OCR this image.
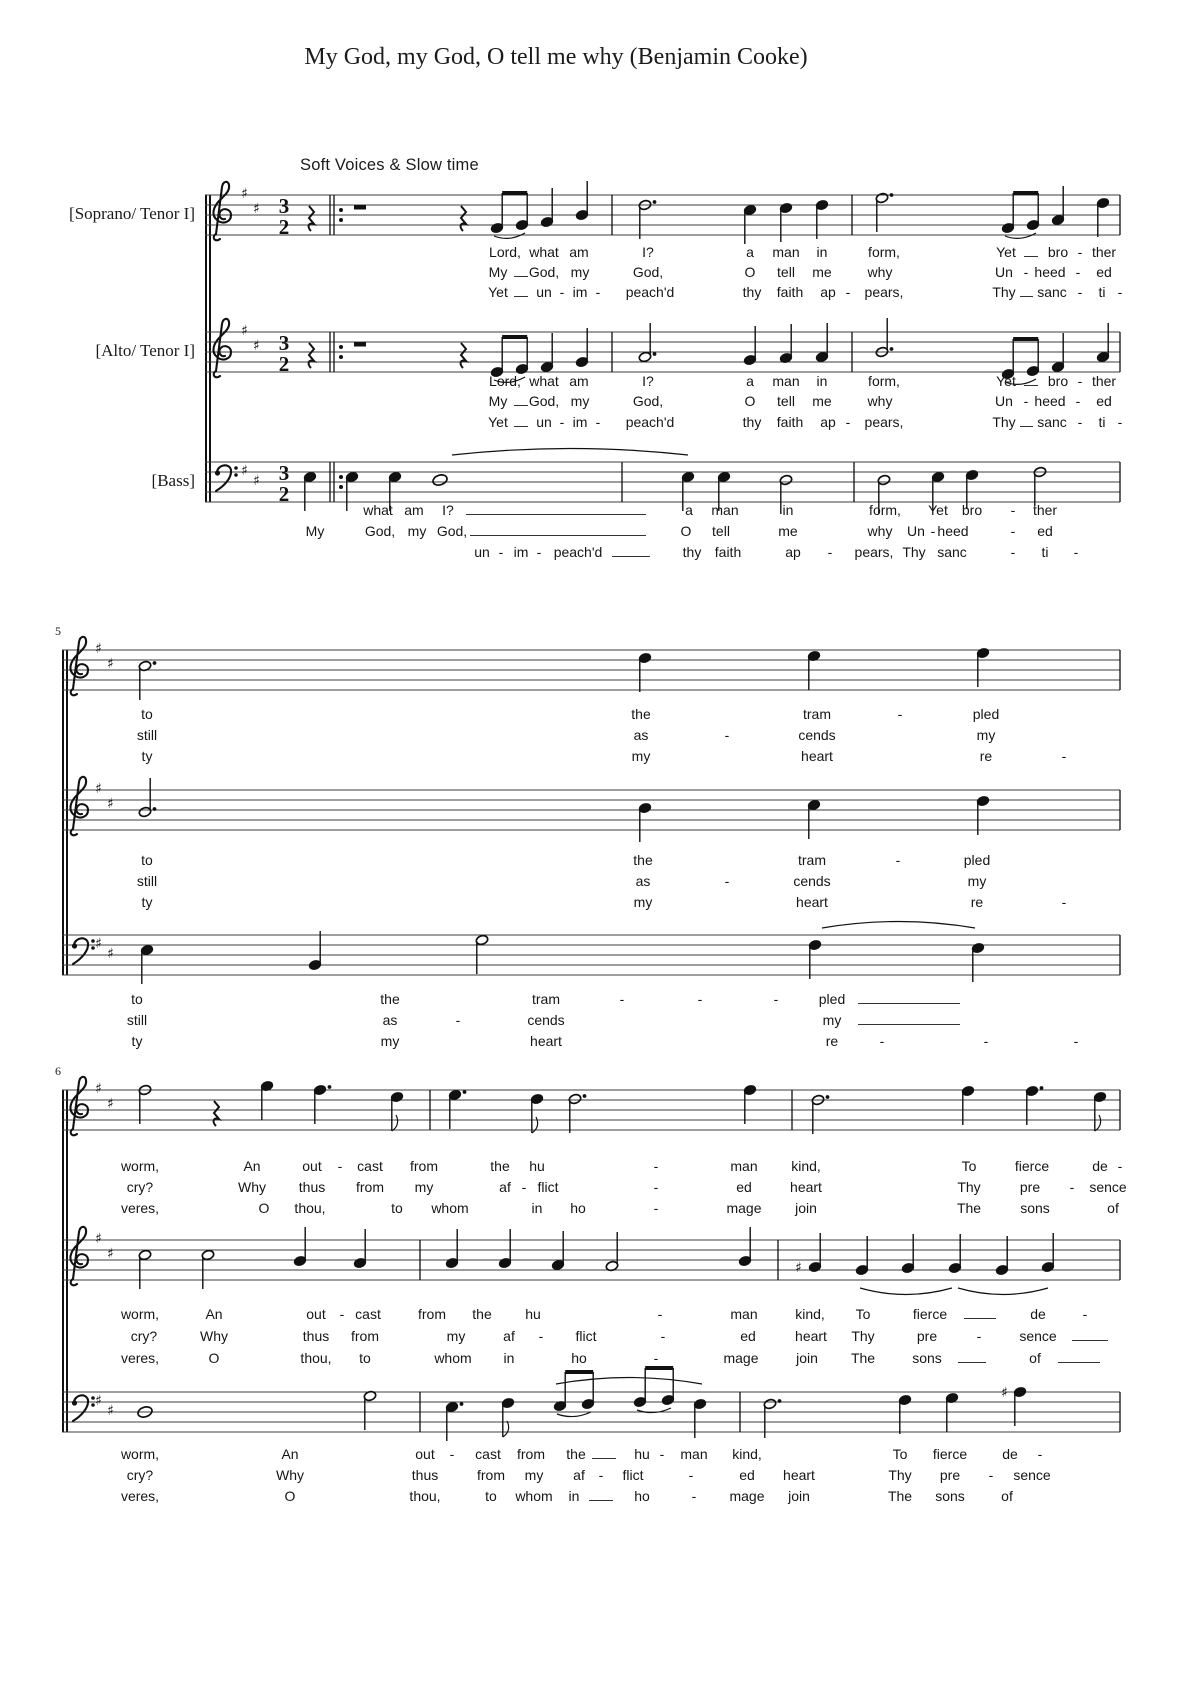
My God, my God, O tell me why (Benjamin Cooke)
Soft Voices & Slow time
[Soprano/ Tenor I]
♯
♯ 3
2
Lord, what am	I?	a man in	form,	Yet bro - ther
My God, my	God,	O tell me	why	Un - heed - ed
Yet un - im - peach'd	thy faith ap - pears,	Thy sanc - ti -
[Alto/ Tenor I]
♯
♯ 3
2
Lord, what am	I?	a man in	form,	Yet bro - ther
My God, my	God,	O tell me	why	Un - heed - ed
Yet un - im - peach'd	thy faith ap - pears,	Thy sanc - ti -
[Bass]	♯
♯ 3
2
what am I?	a man	in	form, Yet bro - ther
My	God, my God,	O tell	me	why Un - heed	- ed
un - im - peach'd	thy faith	ap - pears, Thy sanc	- ti -
5
♯
♯
to	the	tram	-	pled
still	as	-	cends	my
ty	my	heart	re	-
♯
♯
to	the	tram	-	pled
still	as	-	cends	my
ty	my	heart	re	-
♯
♯
to	the	tram	-	-	-	pled
still	as	-	cends	my
ty	my	heart	re	-	-	-
6
♯
♯
worm,	An	out - cast from	the hu	-	man kind,	To	fierce	de -
cry?	Why thus from my	af - flict	-	ed	heart	Thy	pre - sence
veres,	O thou,	to whom	in ho	-	mage join	The	sons	of
♯
♯
♯
worm,	An	out - cast	from the hu	-	man	kind, To	fierce	de	-
cry?	Why	thus from	my	af - flict	-	ed	heart Thy	pre	-	sence
veres,	O	thou, to	whom in	ho	-	mage	join The	sons	of
♯
♯
♯
worm,	An	out - cast from the	hu - man kind,	To fierce	de -
cry?	Why	thus	from my af - flict	-	ed heart	Thy pre - sence
veres,	O	thou,	to whom in	ho	- mage join	The sons	of
